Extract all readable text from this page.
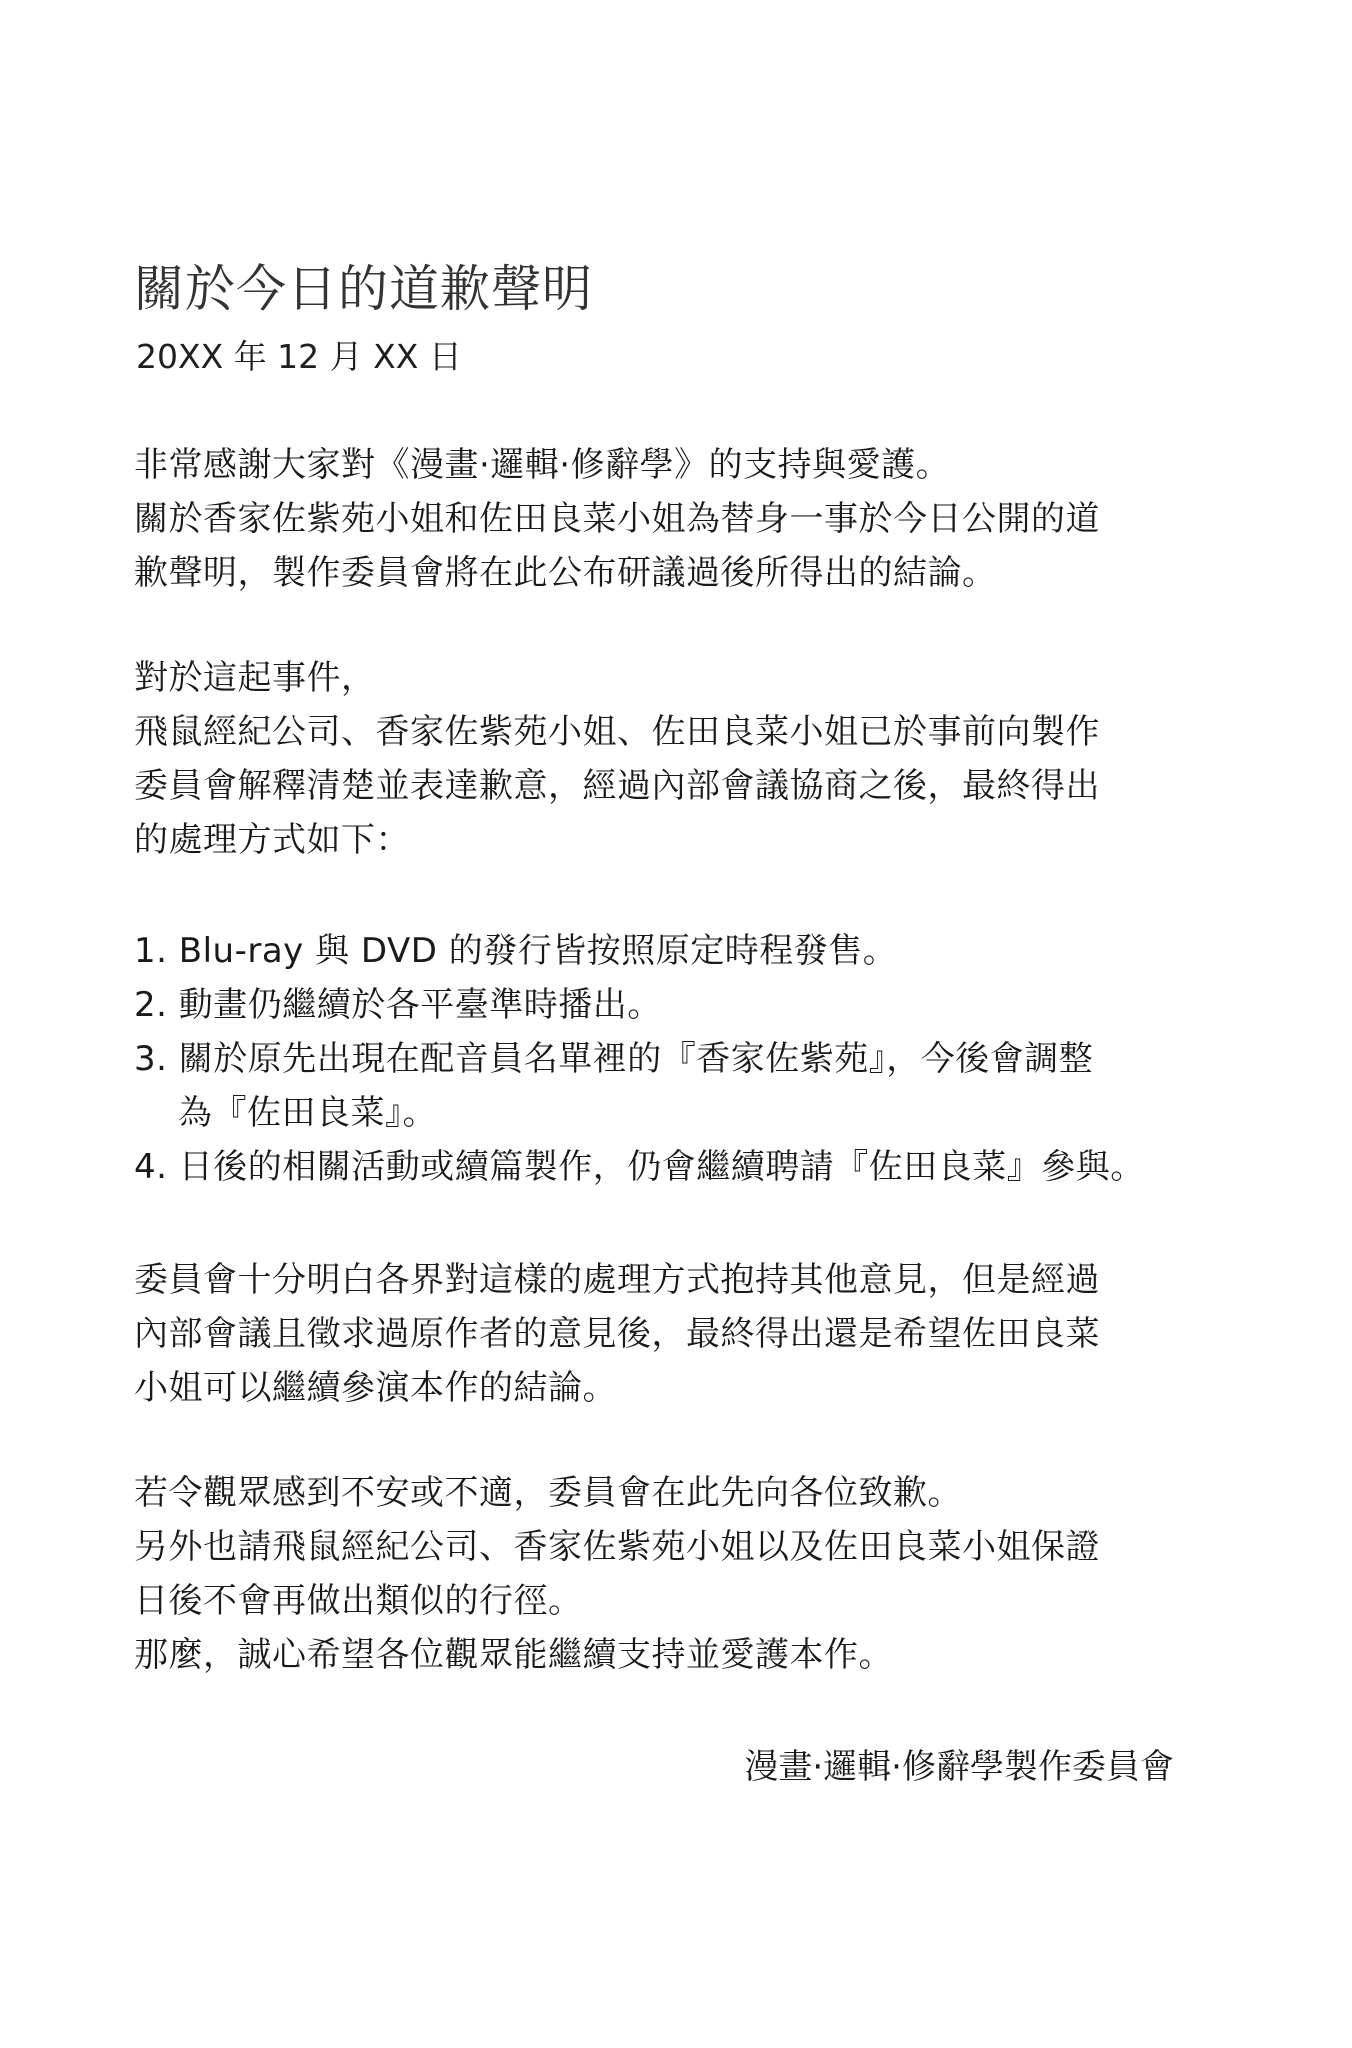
關於今日的道歉聲明
20XX 年 12 月 XX 日
非常感謝大家對《漫畫·邏輯·修辭學》的支持與愛護。
關於香家佐紫苑小姐和佐田良菜小姐為替身一事於今日公開的道
歉聲明，製作委員會將在此公布研議過後所得出的結論。
對於這起事件，
飛鼠經紀公司、香家佐紫苑小姐、佐田良菜小姐已於事前向製作
委員會解釋清楚並表達歉意，經過內部會議協商之後，最終得出
的處理方式如下：
1. Blu-ray 與 DVD 的發行皆按照原定時程發售。
2. 動畫仍繼續於各平臺準時播出。
3. 關於原先出現在配音員名單裡的『香家佐紫苑』，今後會調整
為『佐田良菜』。
4. 日後的相關活動或續篇製作，仍會繼續聘請『佐田良菜』參與。
委員會十分明白各界對這樣的處理方式抱持其他意見，但是經過
內部會議且徵求過原作者的意見後，最終得出還是希望佐田良菜
小姐可以繼續參演本作的結論。
若令觀眾感到不安或不適，委員會在此先向各位致歉。
另外也請飛鼠經紀公司、香家佐紫苑小姐以及佐田良菜小姐保證
日後不會再做出類似的行徑。
那麼，誠心希望各位觀眾能繼續支持並愛護本作。
漫畫·邏輯·修辭學製作委員會
